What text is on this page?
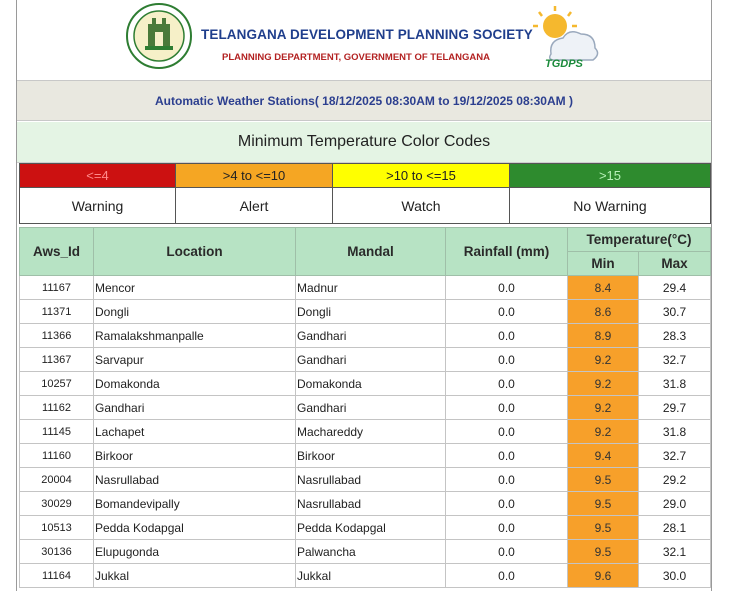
TELANGANA DEVELOPMENT PLANNING SOCIETY
PLANNING DEPARTMENT, GOVERNMENT OF TELANGANA
TGDPS
Automatic Weather Stations( 18/12/2025 08:30AM to 19/12/2025 08:30AM )
Minimum Temperature Color Codes
<=4	>4 to <=10	>10 to <=15	>15
Warning	Alert	Watch	No Warning
Aws_Id	Location	Mandal	Rainfall (mm)	Temperature(°C)	
				Min	Max
11167	Mencor	Madnur	0.0	8.4	29.4
11371	Dongli	Dongli	0.0	8.6	30.7
11366	Ramalakshmanpalle	Gandhari	0.0	8.9	28.3
11367	Sarvapur	Gandhari	0.0	9.2	32.7
10257	Domakonda	Domakonda	0.0	9.2	31.8
11162	Gandhari	Gandhari	0.0	9.2	29.7
11145	Lachapet	Machareddy	0.0	9.2	31.8
11160	Birkoor	Birkoor	0.0	9.4	32.7
20004	Nasrullabad	Nasrullabad	0.0	9.5	29.2
30029	Bomandevipally	Nasrullabad	0.0	9.5	29.0
10513	Pedda Kodapgal	Pedda Kodapgal	0.0	9.5	28.1
30136	Elupugonda	Palwancha	0.0	9.5	32.1
11164	Jukkal	Jukkal	0.0	9.6	30.0
